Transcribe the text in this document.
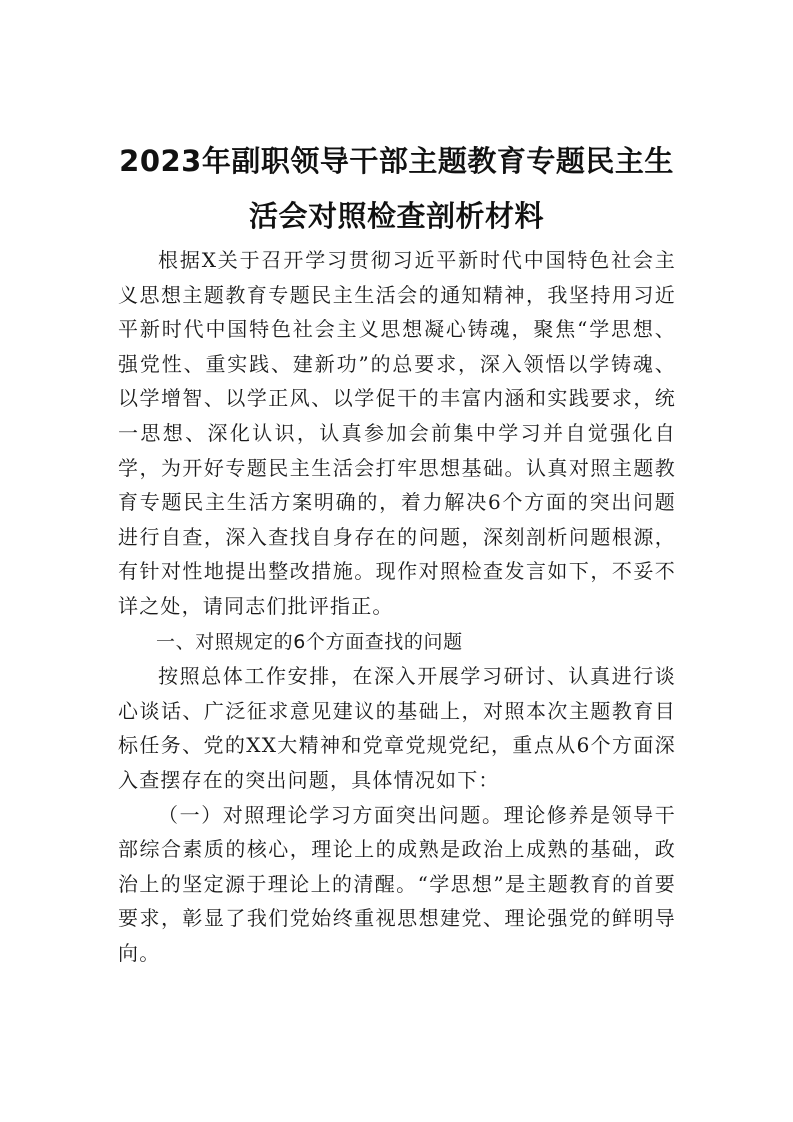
2023年副职领导干部主题教育专题民主生
活会对照检查剖析材料

根据X关于召开学习贯彻习近平新时代中国特色社会主义思想主题教育专题民主生活会的通知精神，我坚持用习近平新时代中国特色社会主义思想凝心铸魂，聚焦“学思想、强党性、重实践、建新功”的总要求，深入领悟以学铸魂、以学增智、以学正风、以学促干的丰富内涵和实践要求，统一思想、深化认识，认真参加会前集中学习并自觉强化自学，为开好专题民主生活会打牢思想基础。认真对照主题教育专题民主生活方案明确的，着力解决6个方面的突出问题进行自查，深入查找自身存在的问题，深刻剖析问题根源，有针对性地提出整改措施。现作对照检查发言如下，不妥不详之处，请同志们批评指正。

一、对照规定的6个方面查找的问题

按照总体工作安排，在深入开展学习研讨、认真进行谈心谈话、广泛征求意见建议的基础上，对照本次主题教育目标任务、党的XX大精神和党章党规党纪，重点从6个方面深入查摆存在的突出问题，具体情况如下：

（一）对照理论学习方面突出问题。理论修养是领导干部综合素质的核心，理论上的成熟是政治上成熟的基础，政治上的坚定源于理论上的清醒。“学思想”是主题教育的首要要求，彰显了我们党始终重视思想建党、理论强党的鲜明导向。
